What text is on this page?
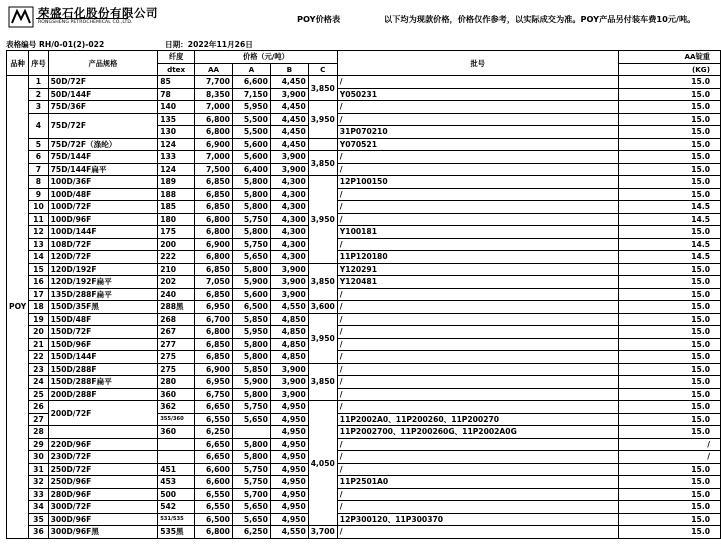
荣盛石化股份有限公司
RONGSHENG PETROCHEMICAL CO.,LTD.	POY价格表	以下均为现款价格，价格仅作参考，以实际成交为准。POY产品另付装车费10元/吨。
表格编号 RH/0-01(2)-022	日期：2022年11月26日
品种	序号	产品规格	纤度	价格（元/吨）				批号	AA锭重
			dtex	AA	A	B	C		(KG)
POY	1	50D/72F	85	7,700	6,600	4,450	3,850	/	15.0
	2	50D/144F	78	8,350	7,150	3,900		Y050231	15.0
	3	75D/36F	140	7,000	5,950	4,450	3,950	/	15.0
	4	75D/72F	135	6,800	5,500	4,450		/	15.0
			130	6,800	5,500	4,450		31P070210	15.0
	5	75D/72F（涤纶）	124	6,900	5,600	4,450		Y070521	15.0
	6	75D/144F	133	7,000	5,600	3,900	3,850	/	15.0
	7	75D/144F扁平	124	7,500	6,400	3,900		/	15.0
	8	100D/36F	189	6,850	5,800	4,300	3,950	12P100150	15.0
	9	100D/48F	188	6,850	5,800	4,300		/	15.0
	10	100D/72F	185	6,850	5,800	4,300		/	14.5
	11	100D/96F	180	6,800	5,750	4,300		/	14.5
	12	100D/144F	175	6,800	5,800	4,300		Y100181	15.0
	13	108D/72F	200	6,900	5,750	4,300		/	14.5
	14	120D/72F	222	6,800	5,650	4,300		11P120180	14.5
	15	120D/192F	210	6,850	5,800	3,900	3,850	Y120291	15.0
	16	120D/192F扁平	202	7,050	5,900	3,900		Y120481	15.0
	17	135D/288F扁平	240	6,850	5,600	3,900		/	15.0
	18	150D/35F黑	288黑	6,950	6,500	4,550	3,600	/	15.0
	19	150D/48F	268	6,700	5,850	4,850	3,950	/	15.0
	20	150D/72F	267	6,800	5,950	4,850		/	15.0
	21	150D/96F	277	6,850	5,800	4,850		/	15.0
	22	150D/144F	275	6,850	5,800	4,850		/	15.0
	23	150D/288F	275	6,900	5,850	3,900	3,850	/	15.0
	24	150D/288F扁平	280	6,950	5,900	3,900		/	15.0
	25	200D/288F	360	6,750	5,800	3,900		/	15.0
	26	200D/72F	362	6,650	5,750	4,950	4,050	/	15.0
	27		355/360	6,550	5,650	4,950		11P2002A0、11P200260、11P200270	15.0
	28		360	6,250		4,950		11P2002700、11P200260G、11P2002A0G	15.0
	29	220D/96F		6,650	5,800	4,950		/	/
	30	230D/72F		6,650	5,800	4,950		/	/
	31	250D/72F	451	6,600	5,750	4,950		/	15.0
	32	250D/96F	453	6,600	5,750	4,950		11P2501A0	15.0
	33	280D/96F	500	6,550	5,700	4,950		/	15.0
	34	300D/72F	542	6,550	5,650	4,950		/	15.0
	35	300D/96F	531/535	6,500	5,650	4,950		12P300120、11P300370	15.0
	36	300D/96F黑	535黑	6,800	6,250	4,550	3,700	/	15.0
